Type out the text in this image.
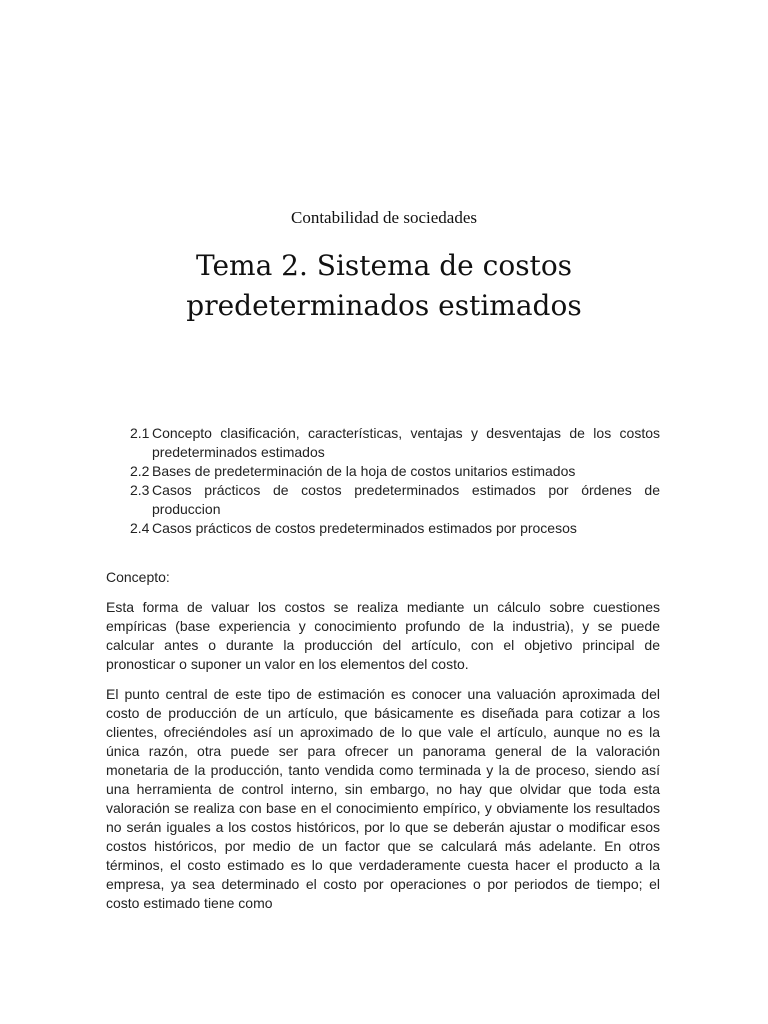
Contabilidad de sociedades
Tema 2. Sistema de costos
predeterminados estimados
2.1 Concepto clasificación, características, ventajas y desventajas de los costos predeterminados estimados
2.2 Bases de predeterminación de la hoja de costos unitarios estimados
2.3 Casos prácticos de costos predeterminados estimados por órdenes de produccion
2.4 Casos prácticos de costos predeterminados estimados por procesos
Concepto:
Esta forma de valuar los costos se realiza mediante un cálculo sobre cuestiones empíricas (base experiencia y conocimiento profundo de la industria), y se puede calcular antes o durante la producción del artículo, con el objetivo principal de pronosticar o suponer un valor en los elementos del costo.
El punto central de este tipo de estimación es conocer una valuación aproximada del costo de producción de un artículo, que básicamente es diseñada para cotizar a los clientes, ofreciéndoles así un aproximado de lo que vale el artículo, aunque no es la única razón, otra puede ser para ofrecer un panorama general de la valoración monetaria de la producción, tanto vendida como terminada y la de proceso, siendo así una herramienta de control interno, sin embargo, no hay que olvidar que toda esta valoración se realiza con base en el conocimiento empírico, y obviamente los resultados no serán iguales a los costos históricos, por lo que se deberán ajustar o modificar esos costos históricos, por medio de un factor que se calculará más adelante. En otros términos, el costo estimado es lo que verdaderamente cuesta hacer el producto a la empresa, ya sea determinado el costo por operaciones o por periodos de tiempo; el costo estimado tiene como
